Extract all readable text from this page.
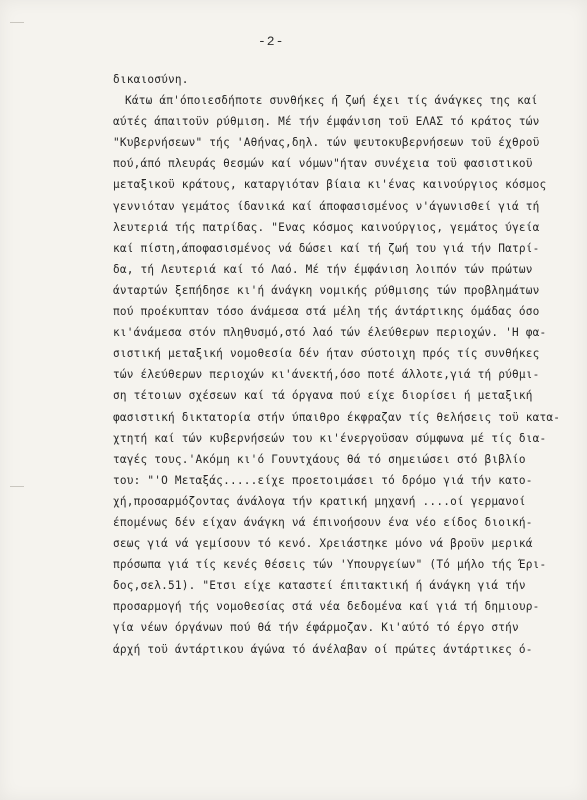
-2-
δικαιοσύνη.
Κάτω άπ'όποιεσδήποτε συνθήκες ή ζωή έχει τίς άνάγκες της καί
αύτές άπαιτοϋν ρύθμιση. Μέ τήν έμφάνιση τοϋ ΕΛΑΣ τό κράτος τών
"Κυβερνήσεων" τής 'Αθήνας,δηλ. τών ψευτοκυβερνήσεων τοϋ έχθροϋ
πού,άπό πλευράς θεσμών καί νόμων"ήταν συνέχεια τοϋ φασιστικοϋ
μεταξικοϋ κράτους, καταργιόταν βίαια κι'ένας καινούργιος κόσμος
γεννιόταν γεμάτος ίδανικά καί άποφασισμένος ν'άγωνισθεί γιά τή
λευτεριά τής πατρίδας. "Ενας κόσμος καινούργιος, γεμάτος ύγεία
καί πίστη,άποφασισμένος νά δώσει καί τή ζωή του γιά τήν Πατρί-
δα, τή Λευτεριά καί τό Λαό. Μέ τήν έμφάνιση λοιπόν τών πρώτων
άνταρτών ξεπήδησε κι'ή άνάγκη νομικής ρύθμισης τών προβλημάτων
πού προέκυπταν τόσο άνάμεσα στά μέλη τής άντάρτικης όμάδας όσο
κι'άνάμεσα στόν πληθυσμό,στό λαό τών έλεύθερων περιοχών. 'Η φα-
σιστική μεταξική νομοθεσία δέν ήταν σύστοιχη πρός τίς συνθήκες
τών έλεύθερων περιοχών κι'άνεκτή,όσο ποτέ άλλοτε,γιά τή ρύθμι-
ση τέτοιων σχέσεων καί τά όργανα πού είχε διορίσει ή μεταξική
φασιστική δικτατορία στήν ύπαιθρο έκφραζαν τίς θελήσεις τοϋ κατα-
χτητή καί τών κυβερνήσεών του κι'ένεργοϋσαν σύμφωνα μέ τίς δια-
ταγές τους.'Ακόμη κι'ό Γουντχάους θά τό σημειώσει στό βιβλίο
του: "'Ο Μεταξάς.....είχε προετοιμάσει τό δρόμο γιά τήν κατο-
χή,προσαρμόζοντας άνάλογα τήν κρατική μηχανή ....οί γερμανοί
έπομένως δέν είχαν άνάγκη νά έπινοήσουν ένα νέο είδος διοική-
σεως γιά νά γεμίσουν τό κενό. Χρειάστηκε μόνο νά βροϋν μερικά
πρόσωπα γιά τίς κενές θέσεις τών 'Υπουργείων" (Τό μήλο τής Έρι-
δος,σελ.51). "Ετσι είχε καταστεί έπιτακτική ή άνάγκη γιά τήν
προσαρμογή τής νομοθεσίας στά νέα δεδομένα καί γιά τή δημιουρ-
γία νέων όργάνων πού θά τήν έφάρμοζαν. Κι'αύτό τό έργο στήν
άρχή τοϋ άντάρτικου άγώνα τό άνέλαβαν οί πρώτες άντάρτικες ό-
